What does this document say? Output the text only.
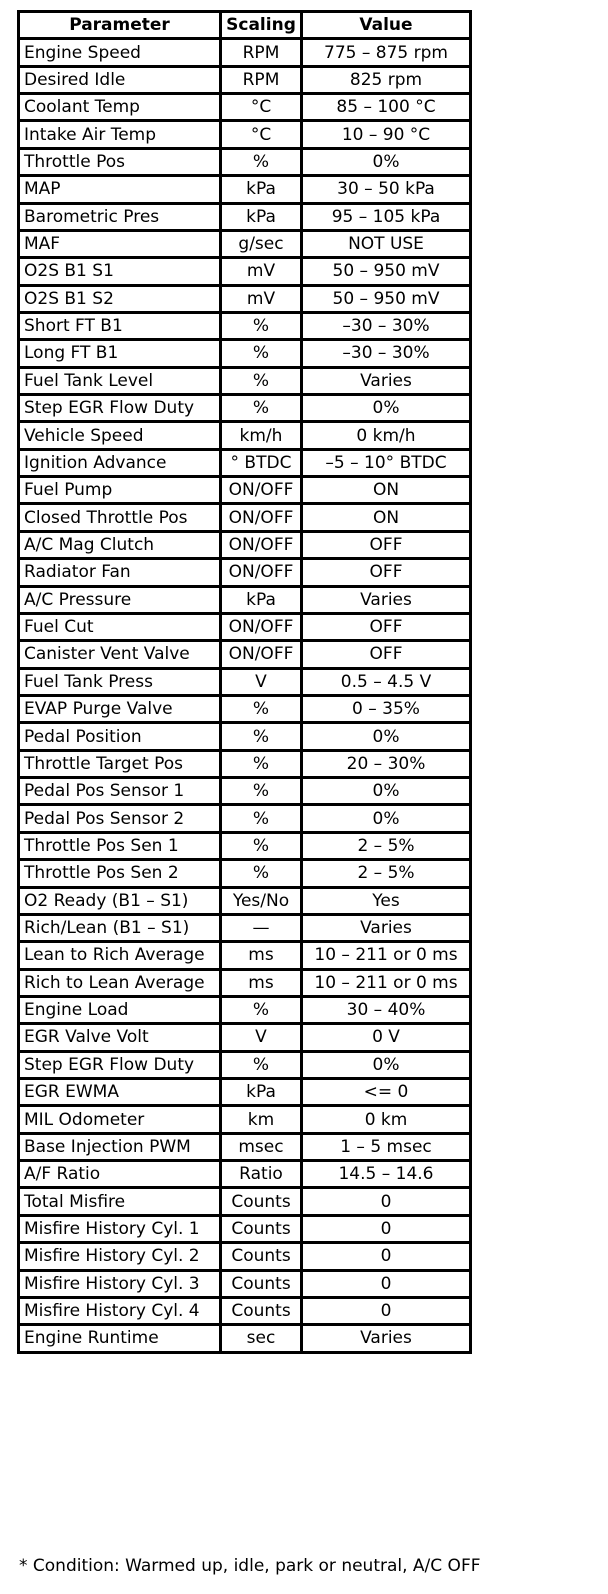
Parameter	Scaling	Value
Engine Speed	RPM	775 – 875 rpm
Desired Idle	RPM	825 rpm
Coolant Temp	°C	85 – 100 °C
Intake Air Temp	°C	10 – 90 °C
Throttle Pos	%	0%
MAP	kPa	30 – 50 kPa
Barometric Pres	kPa	95 – 105 kPa
MAF	g/sec	NOT USE
O2S B1 S1	mV	50 – 950 mV
O2S B1 S2	mV	50 – 950 mV
Short FT B1	%	–30 – 30%
Long FT B1	%	–30 – 30%
Fuel Tank Level	%	Varies
Step EGR Flow Duty	%	0%
Vehicle Speed	km/h	0 km/h
Ignition Advance	° BTDC	–5 – 10° BTDC
Fuel Pump	ON/OFF	ON
Closed Throttle Pos	ON/OFF	ON
A/C Mag Clutch	ON/OFF	OFF
Radiator Fan	ON/OFF	OFF
A/C Pressure	kPa	Varies
Fuel Cut	ON/OFF	OFF
Canister Vent Valve	ON/OFF	OFF
Fuel Tank Press	V	0.5 – 4.5 V
EVAP Purge Valve	%	0 – 35%
Pedal Position	%	0%
Throttle Target Pos	%	20 – 30%
Pedal Pos Sensor 1	%	0%
Pedal Pos Sensor 2	%	0%
Throttle Pos Sen 1	%	2 – 5%
Throttle Pos Sen 2	%	2 – 5%
O2 Ready (B1 – S1)	Yes/No	Yes
Rich/Lean (B1 – S1)	—	Varies
Lean to Rich Average	ms	10 – 211 or 0 ms
Rich to Lean Average	ms	10 – 211 or 0 ms
Engine Load	%	30 – 40%
EGR Valve Volt	V	0 V
Step EGR Flow Duty	%	0%
EGR EWMA	kPa	<= 0
MIL Odometer	km	0 km
Base Injection PWM	msec	1 – 5 msec
A/F Ratio	Ratio	14.5 – 14.6
Total Misfire	Counts	0
Misfire History Cyl. 1	Counts	0
Misfire History Cyl. 2	Counts	0
Misfire History Cyl. 3	Counts	0
Misfire History Cyl. 4	Counts	0
Engine Runtime	sec	Varies
* Condition: Warmed up, idle, park or neutral, A/C OFF
